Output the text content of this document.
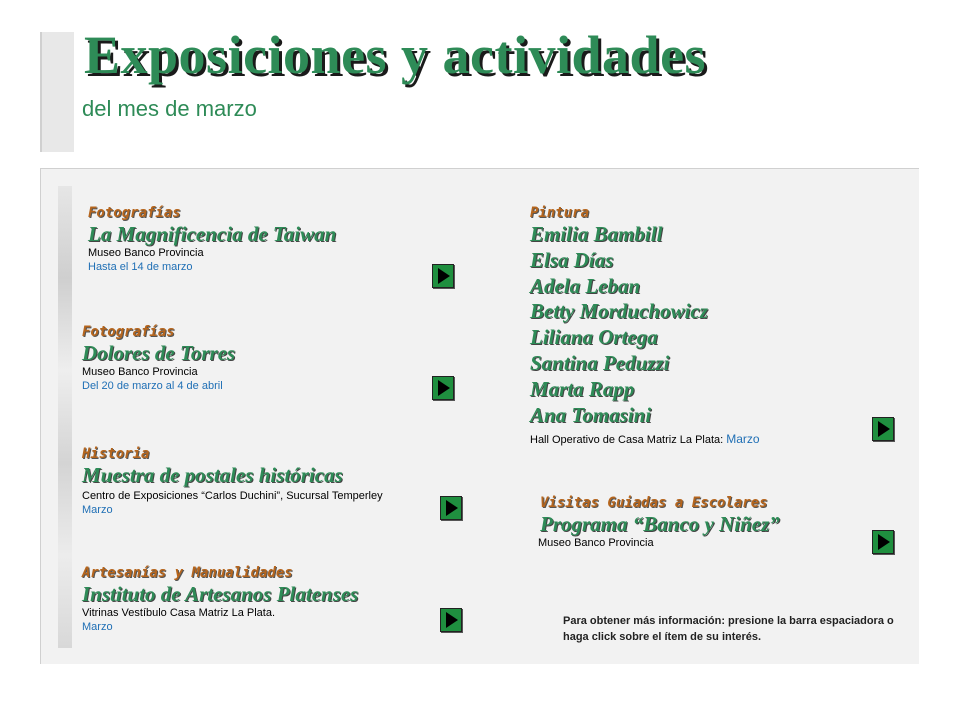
Exposiciones y actividades
del mes de marzo
Fotografías
La Magnificencia de Taiwan
Museo Banco Provincia
Hasta el 14 de marzo
Fotografías
Dolores de Torres
Museo Banco Provincia
Del 20 de marzo al 4 de abril
Historia
Muestra de postales históricas
Centro de Exposiciones “Carlos Duchini”, Sucursal Temperley
Marzo
Artesanías y Manualidades
Instituto de Artesanos Platenses
Vitrinas Vestíbulo Casa Matriz La Plata.
Marzo
Pintura
Emilia Bambill
Elsa Días
Adela Leban
Betty Morduchowicz
Liliana Ortega
Santina Peduzzi
Marta Rapp
Ana Tomasini
Hall Operativo de Casa Matriz La Plata: Marzo
Visitas Guiadas a Escolares
Programa “Banco y Niñez”
Museo Banco Provincia
Para obtener más información: presione la barra espaciadora o haga click sobre el ítem de su interés.
